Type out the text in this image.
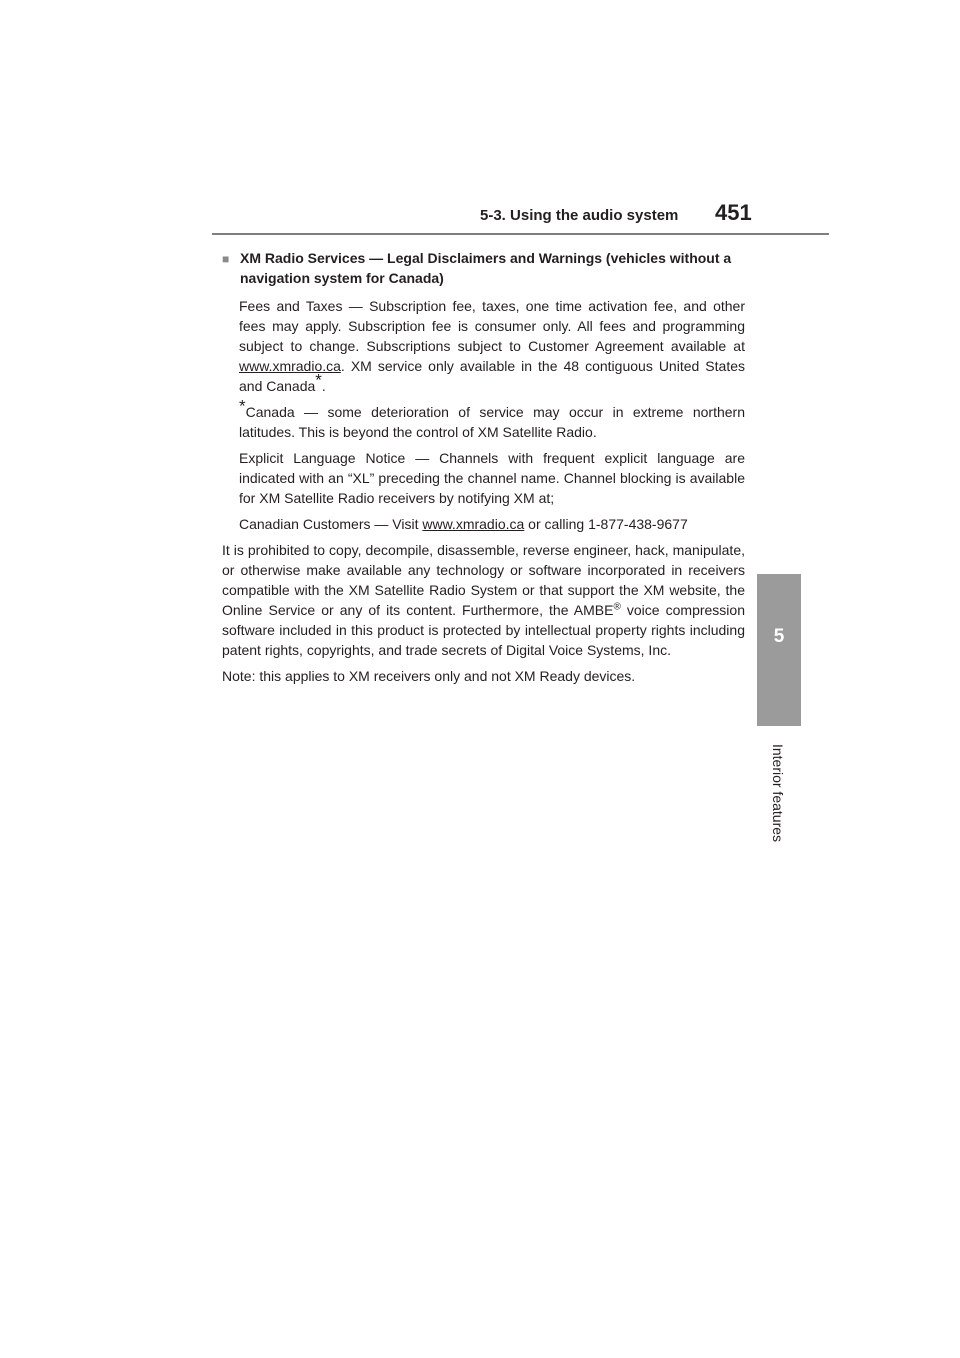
5-3. Using the audio system 451
5
Interior features
■ XM Radio Services — Legal Disclaimers and Warnings (vehicles without a navigation system for Canada)

Fees and Taxes — Subscription fee, taxes, one time activation fee, and other fees may apply. Subscription fee is consumer only. All fees and programming subject to change. Subscriptions subject to Customer Agreement available at www.xmradio.ca. XM service only available in the 48 contiguous United States and Canada*.

*Canada — some deterioration of service may occur in extreme northern latitudes. This is beyond the control of XM Satellite Radio.

Explicit Language Notice — Channels with frequent explicit language are indicated with an “XL” preceding the channel name. Channel blocking is available for XM Satellite Radio receivers by notifying XM at;

Canadian Customers — Visit www.xmradio.ca or calling 1-877-438-9677

It is prohibited to copy, decompile, disassemble, reverse engineer, hack, manipulate, or otherwise make available any technology or software incorporated in receivers compatible with the XM Satellite Radio System or that support the XM website, the Online Service or any of its content. Furthermore, the AMBE® voice compression software included in this product is protected by intellectual property rights including patent rights, copyrights, and trade secrets of Digital Voice Systems, Inc.

Note: this applies to XM receivers only and not XM Ready devices.
